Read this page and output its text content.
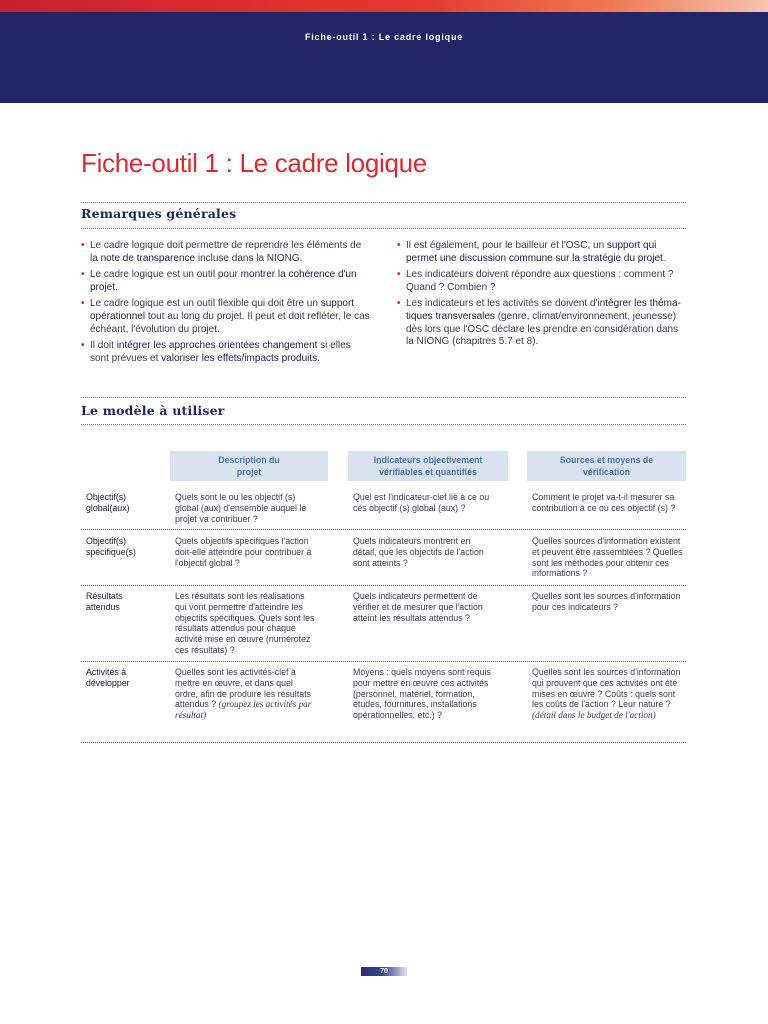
Fiche-outil 1 : Le cadre logique
Fiche-outil 1 : Le cadre logique
Remarques générales
• Le cadre logique doit permettre de reprendre les éléments de la note de transparence incluse dans la NIONG.
• Le cadre logique est un outil pour montrer la cohérence d'un projet.
• Le cadre logique est un outil flexible qui doit être un support opérationnel tout au long du projet. Il peut et doit refléter, le cas échéant, l'évolution du projet.
• Il doit intégrer les approches orientées changement si elles sont prévues et valoriser les effets/impacts produits.
• Il est également, pour le bailleur et l'OSC, un support qui permet une discussion commune sur la stratégie du projet.
• Les indicateurs doivent répondre aux questions : comment ? Quand ? Combien ?
• Les indicateurs et les activités se doivent d'intégrer les thématiques transversales (genre, climat/environnement, jeunesse) dès lors que l'OSC déclare les prendre en considération dans la NIONG (chapitres 5.7 et 8).
Le modèle à utiliser
Description du projet
Indicateurs objectivement vérifiables et quantifiés
Sources et moyens de vérification
Objectif(s) global(aux)
Quels sont le ou les objectif (s) global (aux) d'ensemble auquel le projet va contribuer ?
Quel est l'indicateur-clef lié à ce ou ces objectif (s) global (aux) ?
Comment le projet va-t-il mesurer sa contribution à ce ou ces objectif (s) ?
Objectif(s) spécifique(s)
Quels objectifs spécifiques l'action doit-elle atteindre pour contribuer à l'objectif global ?
Quels indicateurs montrent en détail, que les objectifs de l'action sont atteints ?
Quelles sources d'information existent et peuvent être rassemblées ? Quelles sont les méthodes pour obtenir ces informations ?
Résultats attendus
Les résultats sont les réalisations qui vont permettre d'atteindre les objectifs spécifiques. Quels sont les résultats attendus pour chaque activité mise en œuvre (numérotez ces résultats) ?
Quels indicateurs permettent de vérifier et de mesurer que l'action atteint les résultats attendus ?
Quelles sont les sources d'information pour ces indicateurs ?
Activités à développer
Quelles sont les activités-clef à mettre en œuvre, et dans quel ordre, afin de produire les résultats attendus ? (groupez les activités par résultat)
Moyens : quels moyens sont requis pour mettre en œuvre ces activités (personnel, matériel, formation, études, fournitures, installations opérationnelles, etc.) ?
Quelles sont les sources d'information qui prouvent que ces activités ont été mises en œuvre ? Coûts : quels sont les coûts de l'action ? Leur nature ? (détail dans le budget de l'action)
70
